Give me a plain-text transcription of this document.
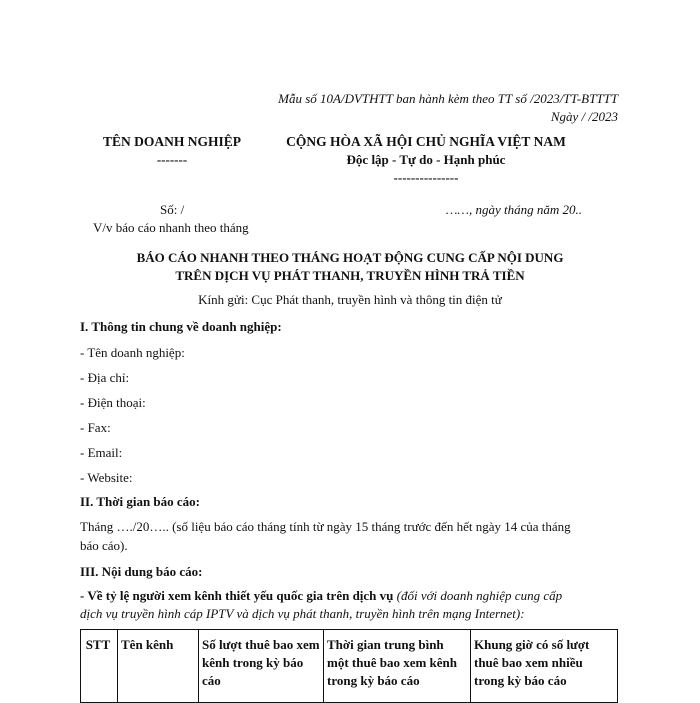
Mẫu số 10A/DVTHTT ban hành kèm theo TT số /2023/TT-BTTTT
Ngày / /2023
TÊN DOANH NGHIỆP
-------
CỘNG HÒA XÃ HỘI CHỦ NGHĨA VIỆT NAM
Độc lập - Tự do - Hạnh phúc
---------------
Số: /	……, ngày tháng năm 20..
V/v báo cáo nhanh theo tháng
BÁO CÁO NHANH THEO THÁNG HOẠT ĐỘNG CUNG CẤP NỘI DUNG
TRÊN DỊCH VỤ PHÁT THANH, TRUYỀN HÌNH TRẢ TIỀN
Kính gửi: Cục Phát thanh, truyền hình và thông tin điện tử
I. Thông tin chung về doanh nghiệp:
- Tên doanh nghiệp:
- Địa chỉ:
- Điện thoại:
- Fax:
- Email:
- Website:
II. Thời gian báo cáo:
Tháng …./20….. (số liệu báo cáo tháng tính từ ngày 15 tháng trước đến hết ngày 14 của tháng
báo cáo).
III. Nội dung báo cáo:
- Về tỷ lệ người xem kênh thiết yếu quốc gia trên dịch vụ (đối với doanh nghiệp cung cấp
dịch vụ truyền hình cáp IPTV và dịch vụ phát thanh, truyền hình trên mạng Internet):
STT	Tên kênh	Số lượt thuê bao xem kênh trong kỳ báo cáo	Thời gian trung bình một thuê bao xem kênh trong kỳ báo cáo	Khung giờ có số lượt thuê bao xem nhiều trong kỳ báo cáo
